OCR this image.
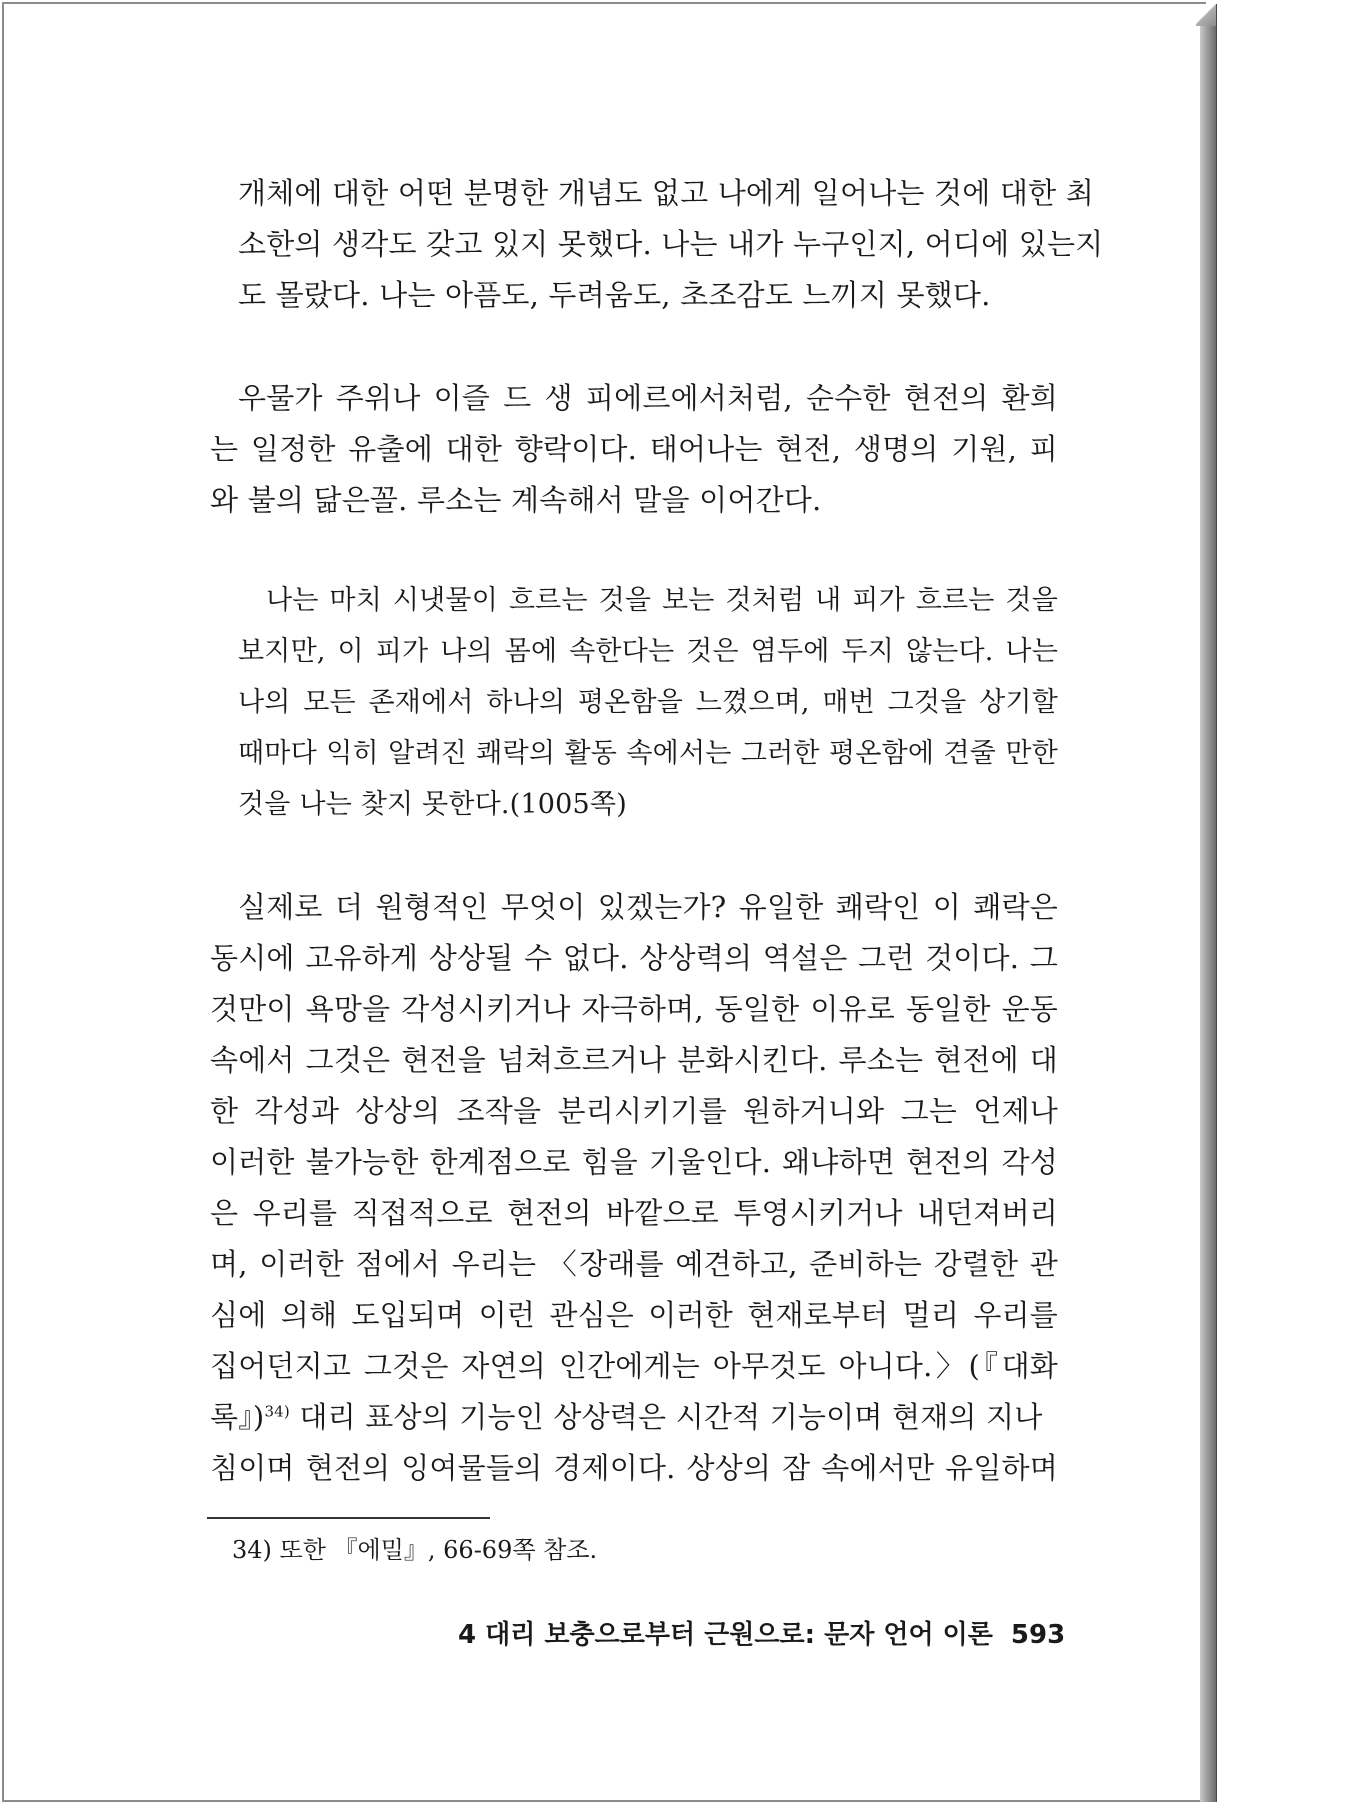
개체에 대한 어떤 분명한 개념도 없고 나에게 일어나는 것에 대한 최
소한의 생각도 갖고 있지 못했다. 나는 내가 누구인지, 어디에 있는지
도 몰랐다. 나는 아픔도, 두려움도, 초조감도 느끼지 못했다.
우물가 주위나 이즐 드 생 피에르에서처럼, 순수한 현전의 환희
는 일정한 유출에 대한 향락이다. 태어나는 현전, 생명의 기원, 피
와 불의 닮은꼴. 루소는 계속해서 말을 이어간다.
나는 마치 시냇물이 흐르는 것을 보는 것처럼 내 피가 흐르는 것을
보지만, 이 피가 나의 몸에 속한다는 것은 염두에 두지 않는다. 나는
나의 모든 존재에서 하나의 평온함을 느꼈으며, 매번 그것을 상기할
때마다 익히 알려진 쾌락의 활동 속에서는 그러한 평온함에 견줄 만한
것을 나는 찾지 못한다.(1005쪽)
실제로 더 원형적인 무엇이 있겠는가? 유일한 쾌락인 이 쾌락은
동시에 고유하게 상상될 수 없다. 상상력의 역설은 그런 것이다. 그
것만이 욕망을 각성시키거나 자극하며, 동일한 이유로 동일한 운동
속에서 그것은 현전을 넘쳐흐르거나 분화시킨다. 루소는 현전에 대
한 각성과 상상의 조작을 분리시키기를 원하거니와 그는 언제나
이러한 불가능한 한계점으로 힘을 기울인다. 왜냐하면 현전의 각성
은 우리를 직접적으로 현전의 바깥으로 투영시키거나 내던져버리
며, 이러한 점에서 우리는 〈장래를 예견하고, 준비하는 강렬한 관
심에 의해 도입되며 이런 관심은 이러한 현재로부터 멀리 우리를
집어던지고 그것은 자연의 인간에게는 아무것도 아니다.〉(『대화
록』)$^{34)}$ 대리 표상의 기능인 상상력은 시간적 기능이며 현재의 지나
침이며 현전의 잉여물들의 경제이다. 상상의 잠 속에서만 유일하며
34) 또한 『에밀』, 66-69쪽 참조.
4 대리 보충으로부터 근원으로: 문자 언어 이론 593
